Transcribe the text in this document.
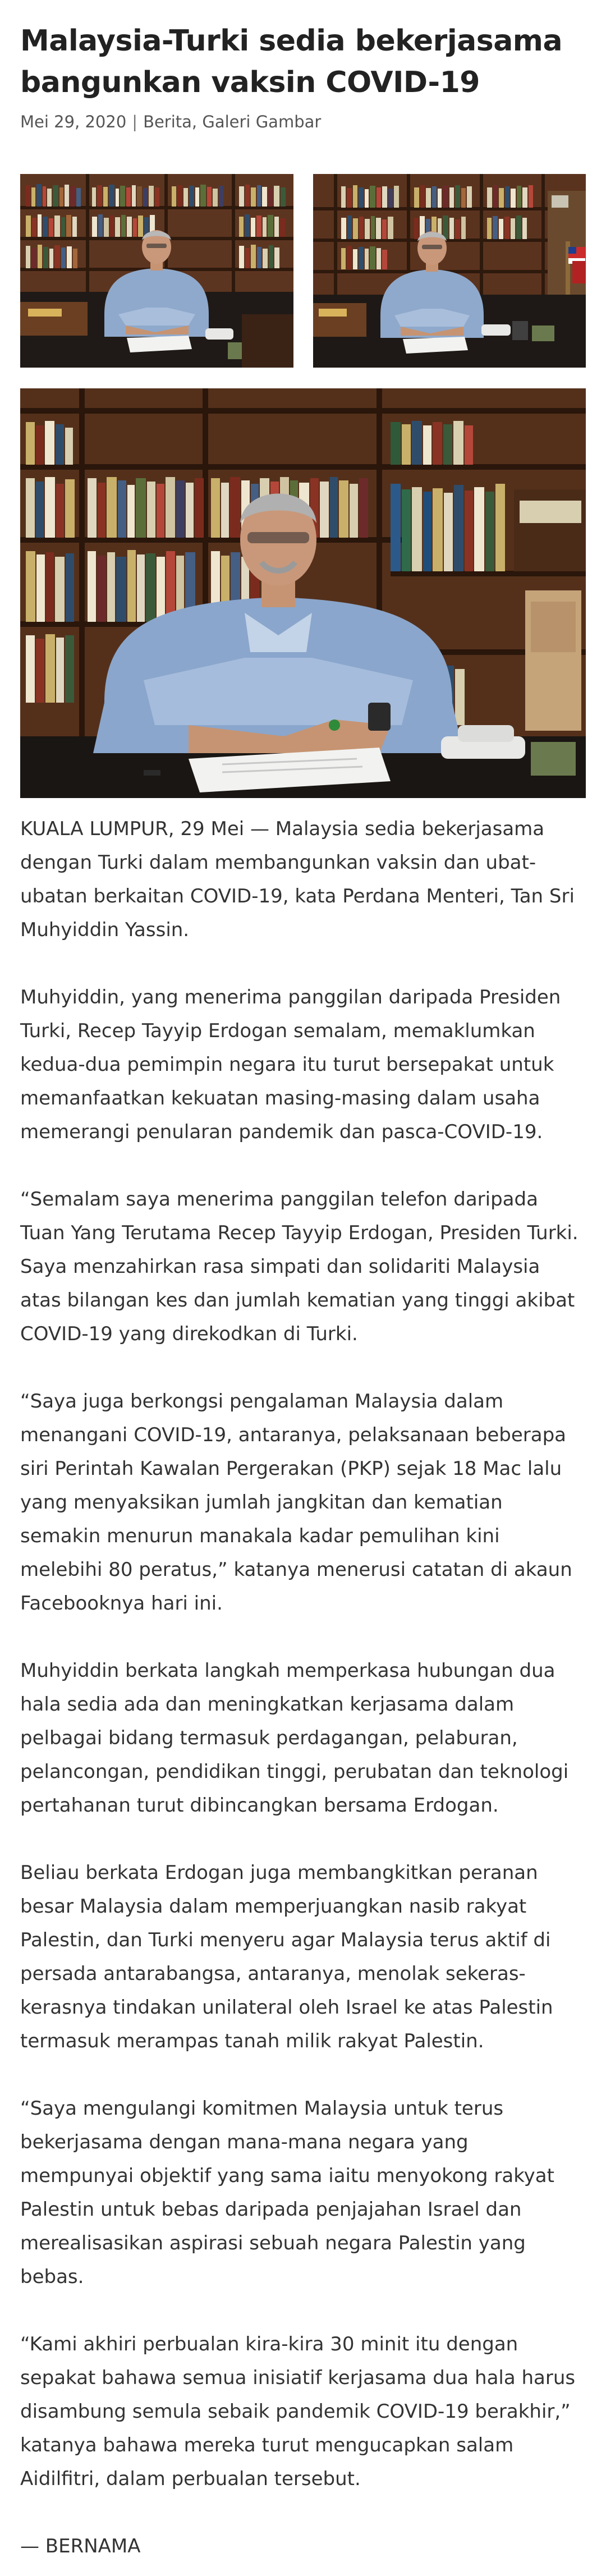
Malaysia-Turki sedia bekerjasama bangunkan vaksin COVID-19
Mei 29, 2020 | Berita, Galeri Gambar

KUALA LUMPUR, 29 Mei — Malaysia sedia bekerjasama dengan Turki dalam membangunkan vaksin dan ubat-ubatan berkaitan COVID-19, kata Perdana Menteri, Tan Sri Muhyiddin Yassin.

Muhyiddin, yang menerima panggilan daripada Presiden Turki, Recep Tayyip Erdogan semalam, memaklumkan kedua-dua pemimpin negara itu turut bersepakat untuk memanfaatkan kekuatan masing-masing dalam usaha memerangi penularan pandemik dan pasca-COVID-19.

“Semalam saya menerima panggilan telefon daripada Tuan Yang Terutama Recep Tayyip Erdogan, Presiden Turki. Saya menzahirkan rasa simpati dan solidariti Malaysia atas bilangan kes dan jumlah kematian yang tinggi akibat COVID-19 yang direkodkan di Turki.

“Saya juga berkongsi pengalaman Malaysia dalam menangani COVID-19, antaranya, pelaksanaan beberapa siri Perintah Kawalan Pergerakan (PKP) sejak 18 Mac lalu yang menyaksikan jumlah jangkitan dan kematian semakin menurun manakala kadar pemulihan kini melebihi 80 peratus,” katanya menerusi catatan di akaun Facebooknya hari ini.

Muhyiddin berkata langkah memperkasa hubungan dua hala sedia ada dan meningkatkan kerjasama dalam pelbagai bidang termasuk perdagangan, pelaburan, pelancongan, pendidikan tinggi, perubatan dan teknologi pertahanan turut dibincangkan bersama Erdogan.

Beliau berkata Erdogan juga membangkitkan peranan besar Malaysia dalam memperjuangkan nasib rakyat Palestin, dan Turki menyeru agar Malaysia terus aktif di persada antarabangsa, antaranya, menolak sekeras-kerasnya tindakan unilateral oleh Israel ke atas Palestin termasuk merampas tanah milik rakyat Palestin.

“Saya mengulangi komitmen Malaysia untuk terus bekerjasama dengan mana-mana negara yang mempunyai objektif yang sama iaitu menyokong rakyat Palestin untuk bebas daripada penjajahan Israel dan merealisasikan aspirasi sebuah negara Palestin yang bebas.

“Kami akhiri perbualan kira-kira 30 minit itu dengan sepakat bahawa semua inisiatif kerjasama dua hala harus disambung semula sebaik pandemik COVID-19 berakhir,” katanya bahawa mereka turut mengucapkan salam Aidilfitri, dalam perbualan tersebut.

— BERNAMA
